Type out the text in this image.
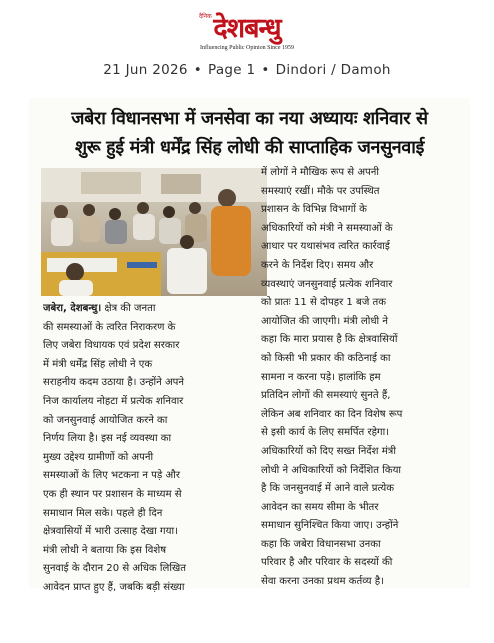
दैनिक देशबन्धु
Influencing Public Opinion Since 1959
21 Jun 2026 • Page 1 • Dindori / Damoh
जबेरा विधानसभा में जनसेवा का नया अध्यायः शनिवार से
शुरू हुई मंत्री धर्मेंद्र सिंह लोधी की साप्ताहिक जनसुनवाई
जबेरा, देशबन्धु। क्षेत्र की जनता
की समस्याओं के त्वरित निराकरण के
लिए जबेरा विधायक एवं प्रदेश सरकार
में मंत्री धर्मेंद्र सिंह लोधी ने एक
सराहनीय कदम उठाया है। उन्होंने अपने
निज कार्यालय नोहटा में प्रत्येक शनिवार
को जनसुनवाई आयोजित करने का
निर्णय लिया है। इस नई व्यवस्था का
मुख्य उद्देश्य ग्रामीणों को अपनी
समस्याओं के लिए भटकना न पड़े और
एक ही स्थान पर प्रशासन के माध्यम से
समाधान मिल सके। पहले ही दिन
क्षेत्रवासियों में भारी उत्साह देखा गया।
मंत्री लोधी ने बताया कि इस विशेष
सुनवाई के दौरान 20 से अधिक लिखित
आवेदन प्राप्त हुए हैं, जबकि बड़ी संख्या
में लोगों ने मौखिक रूप से अपनी
समस्याएं रखीं। मौके पर उपस्थित
प्रशासन के विभिन्न विभागों के
अधिकारियों को मंत्री ने समस्याओं के
आधार पर यथासंभव त्वरित कार्रवाई
करने के निर्देश दिए। समय और
व्यवस्थाएं जनसुनवाई प्रत्येक शनिवार
को प्रातः 11 से दोपहर 1 बजे तक
आयोजित की जाएगी। मंत्री लोधी ने
कहा कि मारा प्रयास है कि क्षेत्रवासियों
को किसी भी प्रकार की कठिनाई का
सामना न करना पड़े। हालांकि हम
प्रतिदिन लोगों की समस्याएं सुनते हैं,
लेकिन अब शनिवार का दिन विशेष रूप
से इसी कार्य के लिए समर्पित रहेगा।
अधिकारियों को दिए सख्त निर्देश मंत्री
लोधी ने अधिकारियों को निर्देशित किया
है कि जनसुनवाई में आने वाले प्रत्येक
आवेदन का समय सीमा के भीतर
समाधान सुनिश्चित किया जाए। उन्होंने
कहा कि जबेरा विधानसभा उनका
परिवार है और परिवार के सदस्यों की
सेवा करना उनका प्रथम कर्तव्य है।
